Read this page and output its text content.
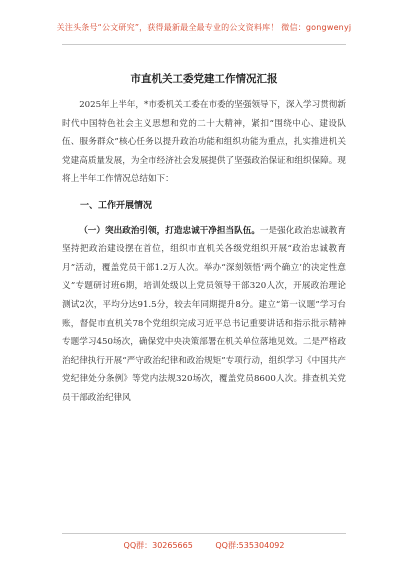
关注头条号“公文研究”，获得最新最全最专业的公文资料库！ 微信：gongwenyj
市直机关工委党建工作情况汇报

2025年上半年，*市委机关工委在市委的坚强领导下，深入学习贯彻新时代中国特色社会主义思想和党的二十大精神，紧扣“围绕中心、建设队伍、服务群众”核心任务以提升政治功能和组织功能为重点，扎实推进机关党建高质量发展，为全市经济社会发展提供了坚强政治保证和组织保障。现将上半年工作情况总结如下：

一、工作开展情况

（一）突出政治引领，打造忠诚干净担当队伍。一是强化政治忠诚教育坚持把政治建设摆在首位，组织市直机关各级党组织开展“政治忠诚教育月”活动，覆盖党员干部1.2万人次。举办“深刻领悟‘两个确立’的决定性意义”专题研讨班6期，培训处级以上党员领导干部320人次，开展政治理论测试2次，平均分达91.5分，较去年同期提升8分。建立“第一议题”学习台账，督促市直机关78个党组织完成习近平总书记重要讲话和指示批示精神专题学习450场次，确保党中央决策部署在机关单位落地见效。二是严格政治纪律执行开展“严守政治纪律和政治规矩”专项行动，组织学习《中国共产党纪律处分条例》等党内法规320场次，覆盖党员8600人次。排查机关党员干部政治纪律风

QQ群：30265665	QQ群:535304092
